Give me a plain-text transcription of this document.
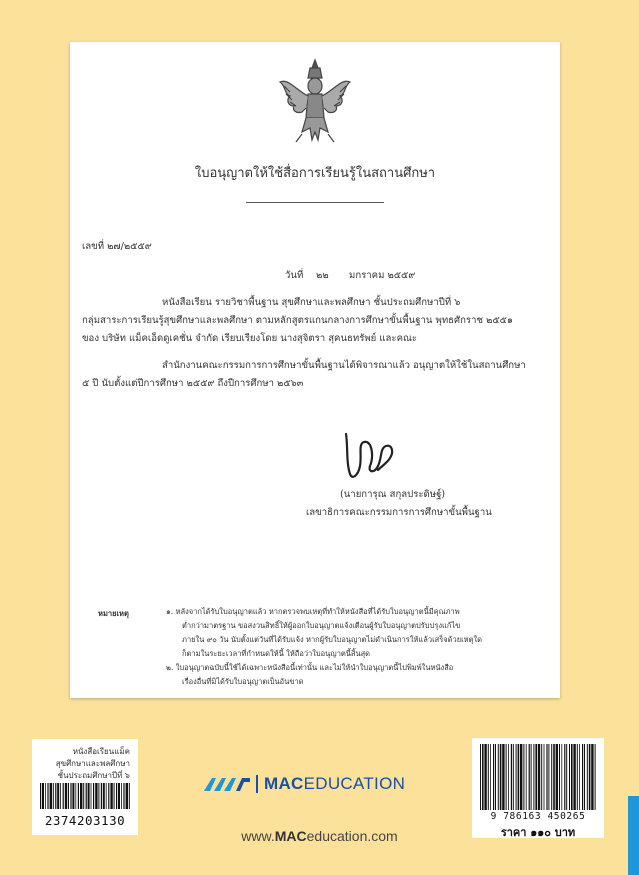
ใบอนุญาตให้ใช้สื่อการเรียนรู้ในสถานศึกษา
เลขที่ ๒๗/๒๕๕๙
วันที่ ๒๒ มกราคม ๒๕๕๙
หนังสือเรียน รายวิชาพื้นฐาน สุขศึกษาและพลศึกษา ชั้นประถมศึกษาปีที่ ๖
กลุ่มสาระการเรียนรู้สุขศึกษาและพลศึกษา ตามหลักสูตรแกนกลางการศึกษาขั้นพื้นฐาน พุทธศักราช ๒๕๕๑
ของ บริษัท แม็คเอ็ดดูเคชั่น จำกัด เรียบเรียงโดย นางสุจิตรา สุคนธทรัพย์ และคณะ
สำนักงานคณะกรรมการการศึกษาขั้นพื้นฐานได้พิจารณาแล้ว อนุญาตให้ใช้ในสถานศึกษา
๕ ปี นับตั้งแต่ปีการศึกษา ๒๕๕๙ ถึงปีการศึกษา ๒๕๖๓
(นายการุณ สกุลประดิษฐ์)
เลขาธิการคณะกรรมการการศึกษาขั้นพื้นฐาน
หมายเหตุ	๑. หลังจากได้รับใบอนุญาตแล้ว หากตรวจพบเหตุที่ทำให้หนังสือที่ได้รับใบอนุญาตนี้มีคุณภาพ
ต่ำกว่ามาตรฐาน ขอสงวนสิทธิ์ให้ผู้ออกใบอนุญาตแจ้งเตือนผู้รับใบอนุญาตปรับปรุงแก้ไข
ภายใน ๙๐ วัน นับตั้งแต่วันที่ได้รับแจ้ง หากผู้รับใบอนุญาตไม่ดำเนินการให้แล้วเสร็จด้วยเหตุใด
ก็ตามในระยะเวลาที่กำหนดให้นี้ ให้ถือว่าใบอนุญาตนี้สิ้นสุด
๒. ใบอนุญาตฉบับนี้ใช้ได้เฉพาะหนังสือนี้เท่านั้น และไม่ให้นำใบอนุญาตนี้ไปพิมพ์ในหนังสือ
เรื่องอื่นที่มิได้รับใบอนุญาตเป็นอันขาด
หนังสือเรียนแม็ค
สุขศึกษาและพลศึกษา
ชั้นประถมศึกษาปีที่ ๖
2374203130
MACEDUCATION
www.MACeducation.com
9 786163 450265
ราคา ๑๑๐ บาท
